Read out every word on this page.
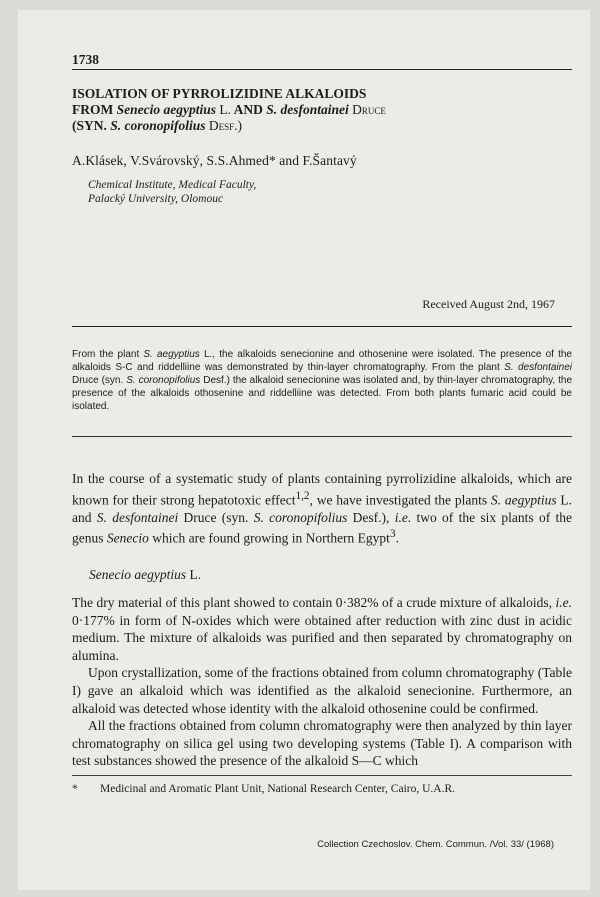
1738
ISOLATION OF PYRROLIZIDINE ALKALOIDS
FROM Senecio aegyptius L. AND S. desfontainei Druce
(SYN. S. coronopifolius Desf.)
A.Klásek, V.Svárovský, S.S.Ahmed* and F.Šantavý
Chemical Institute, Medical Faculty,
Palacký University, Olomouc
Received August 2nd, 1967
From the plant S. aegyptius L., the alkaloids senecionine and othosenine were isolated. The presence of the alkaloids S-C and riddelliine was demonstrated by thin-layer chromatography. From the plant S. desfontainei Druce (syn. S. coronopifolius Desf.) the alkaloid senecionine was isolated and, by thin-layer chromatography, the presence of the alkaloids othosenine and riddelliine was detected. From both plants fumaric acid could be isolated.

In the course of a systematic study of plants containing pyrrolizidine alkaloids, which are known for their strong hepatotoxic effect$^{1,2}$, we have investigated the plants S. aegyptius L. and S. desfontainei Druce (syn. S. coronopifolius Desf.), i.e. two of the six plants of the genus Senecio which are found growing in Northern Egypt$^3$.

Senecio aegyptius L.

The dry material of this plant showed to contain 0·382% of a crude mixture of alkaloids, i.e. 0·177% in form of N-oxides which were obtained after reduction with zinc dust in acidic medium. The mixture of alkaloids was purified and then separated by chromatography on alumina.

Upon crystallization, some of the fractions obtained from column chromatography (Table I) gave an alkaloid which was identified as the alkaloid senecionine. Furthermore, an alkaloid was detected whose identity with the alkaloid othosenine could be confirmed.

All the fractions obtained from column chromatography were then analyzed by thin layer chromatography on silica gel using two developing systems (Table I). A comparison with test substances showed the presence of the alkaloid S—C which

* Medicinal and Aromatic Plant Unit, National Research Center, Cairo, U.A.R.
Collection Czechoslov. Chem. Commun. /Vol. 33/ (1968)
